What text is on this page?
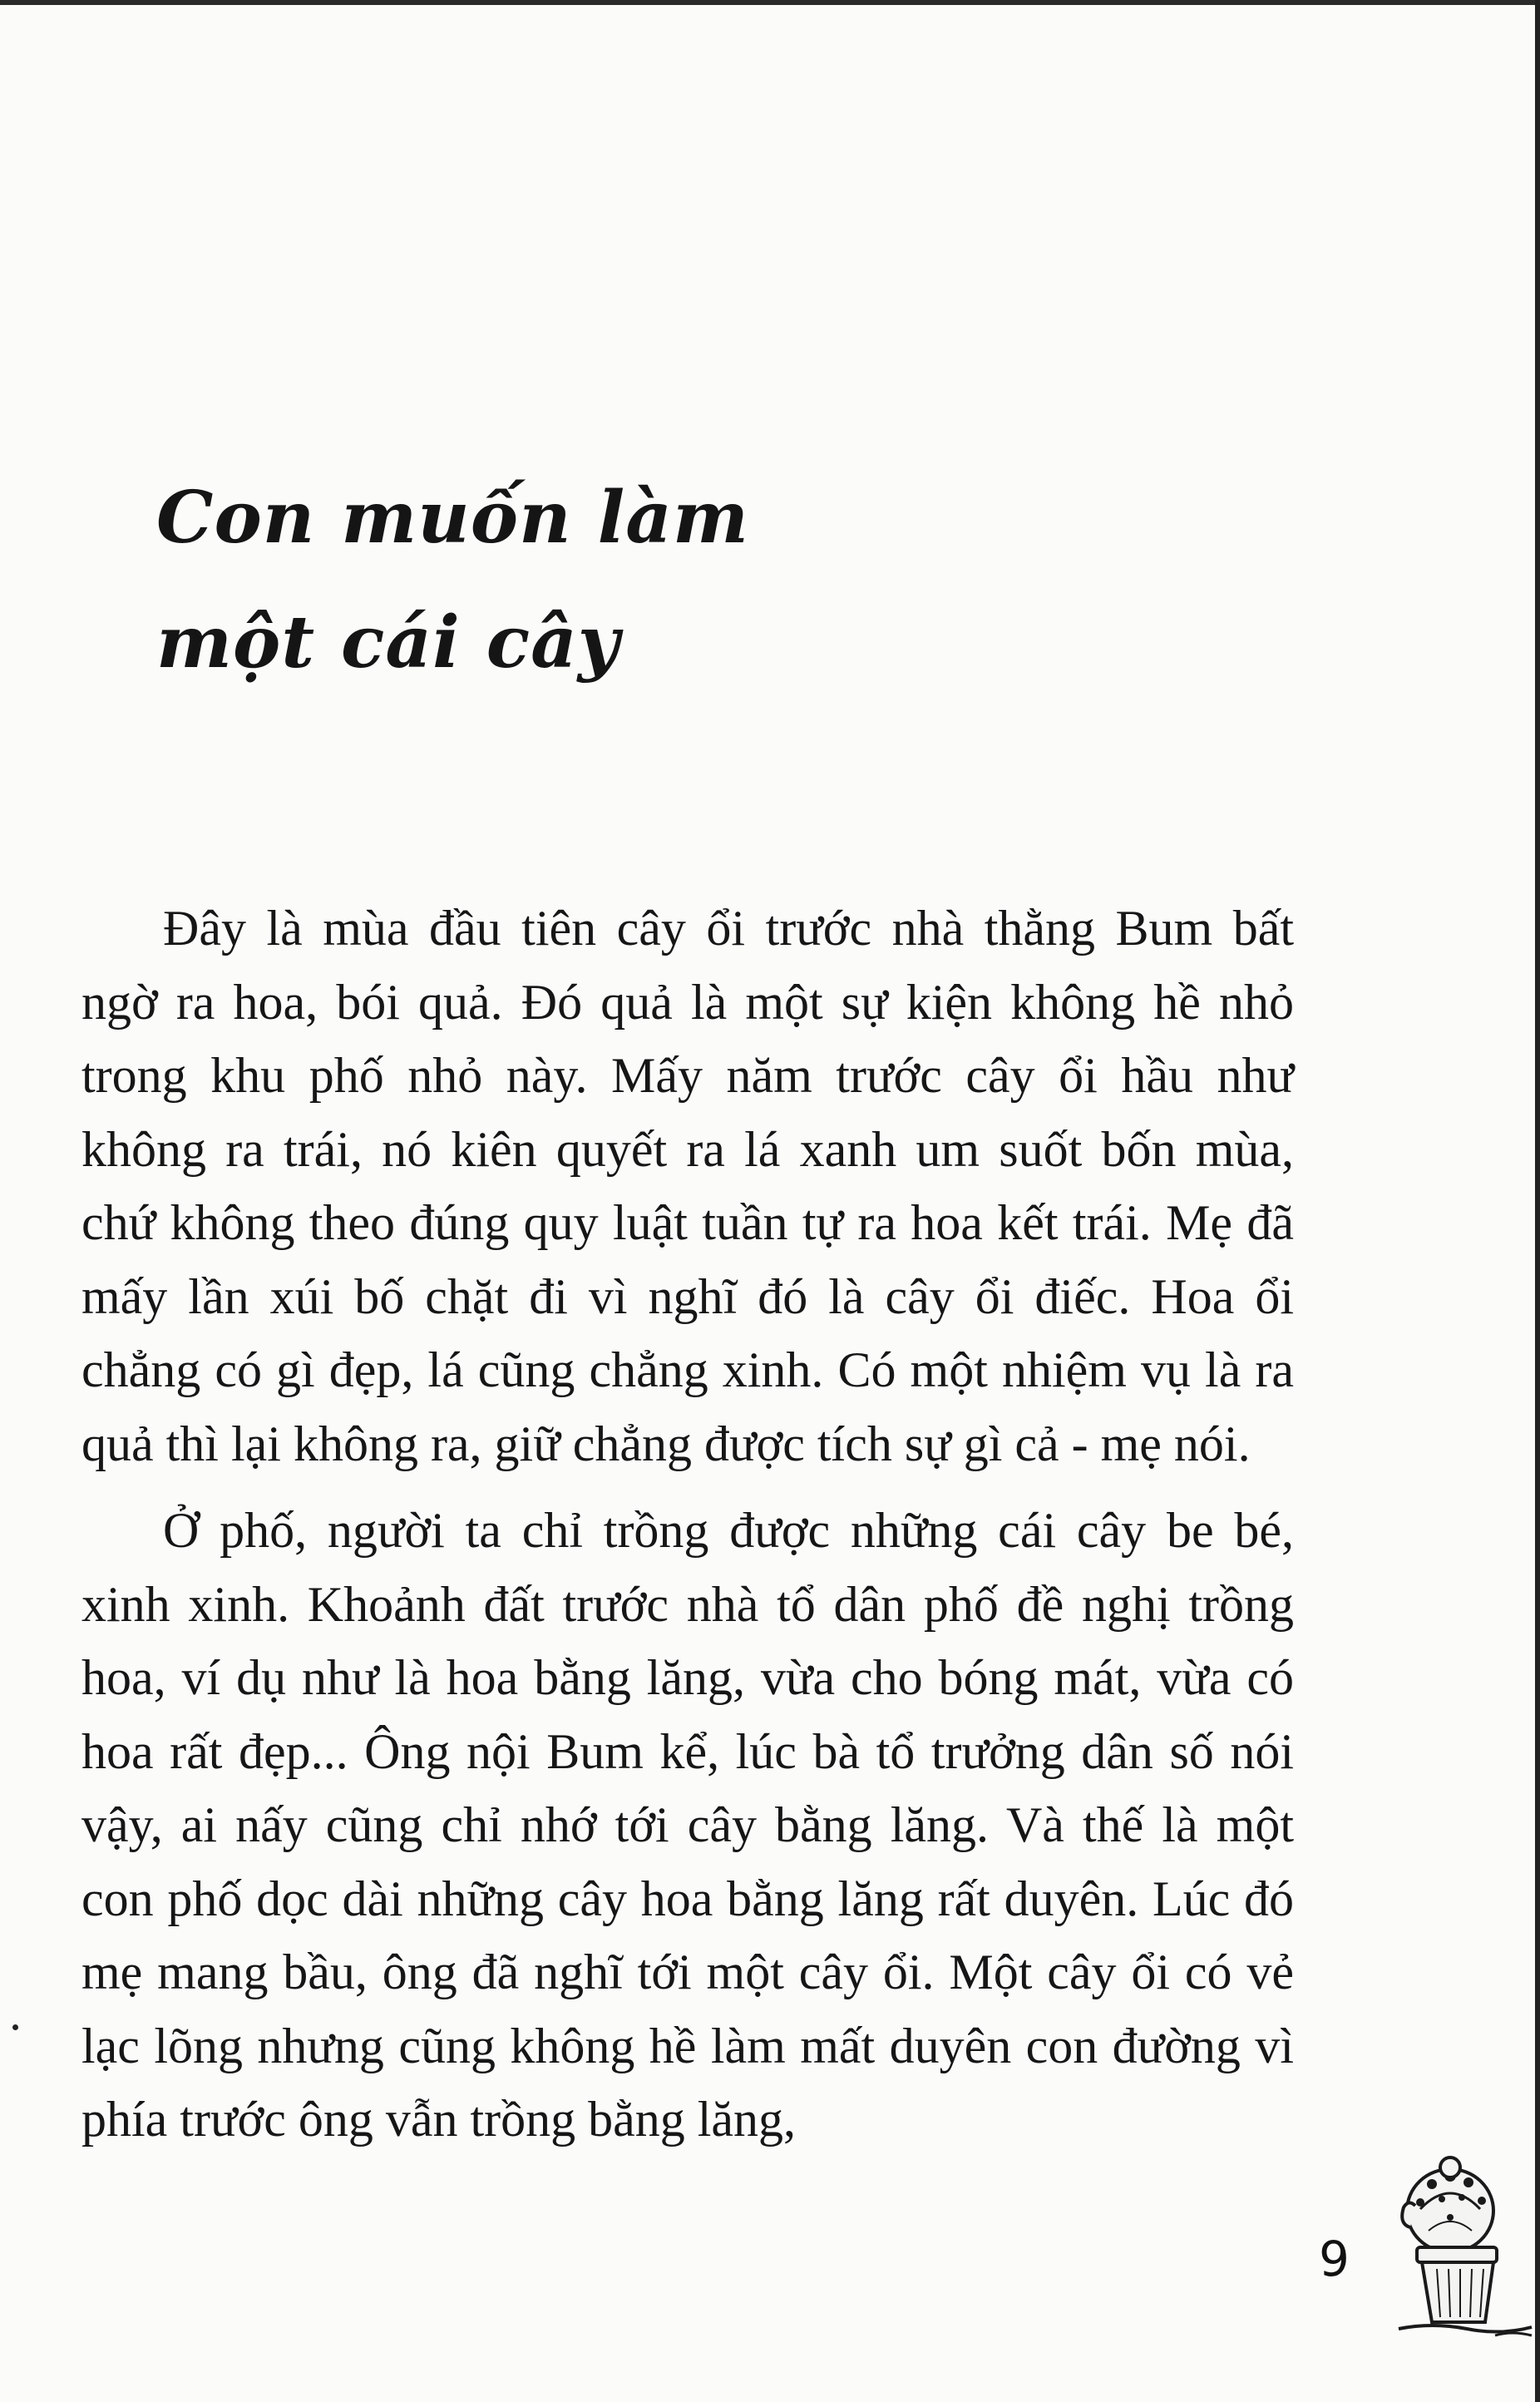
Con muốn làm
một cái cây

Đây là mùa đầu tiên cây ổi trước nhà thằng Bum bất ngờ ra hoa, bói quả. Đó quả là một sự kiện không hề nhỏ trong khu phố nhỏ này. Mấy năm trước cây ổi hầu như không ra trái, nó kiên quyết ra lá xanh um suốt bốn mùa, chứ không theo đúng quy luật tuần tự ra hoa kết trái. Mẹ đã mấy lần xúi bố chặt đi vì nghĩ đó là cây ổi điếc. Hoa ổi chẳng có gì đẹp, lá cũng chẳng xinh. Có một nhiệm vụ là ra quả thì lại không ra, giữ chẳng được tích sự gì cả - mẹ nói.

Ở phố, người ta chỉ trồng được những cái cây be bé, xinh xinh. Khoảnh đất trước nhà tổ dân phố đề nghị trồng hoa, ví dụ như là hoa bằng lăng, vừa cho bóng mát, vừa có hoa rất đẹp... Ông nội Bum kể, lúc bà tổ trưởng dân số nói vậy, ai nấy cũng chỉ nhớ tới cây bằng lăng. Và thế là một con phố dọc dài những cây hoa bằng lăng rất duyên. Lúc đó mẹ mang bầu, ông đã nghĩ tới một cây ổi. Một cây ổi có vẻ lạc lõng nhưng cũng không hề làm mất duyên con đường vì phía trước ông vẫn trồng bằng lăng,

9
